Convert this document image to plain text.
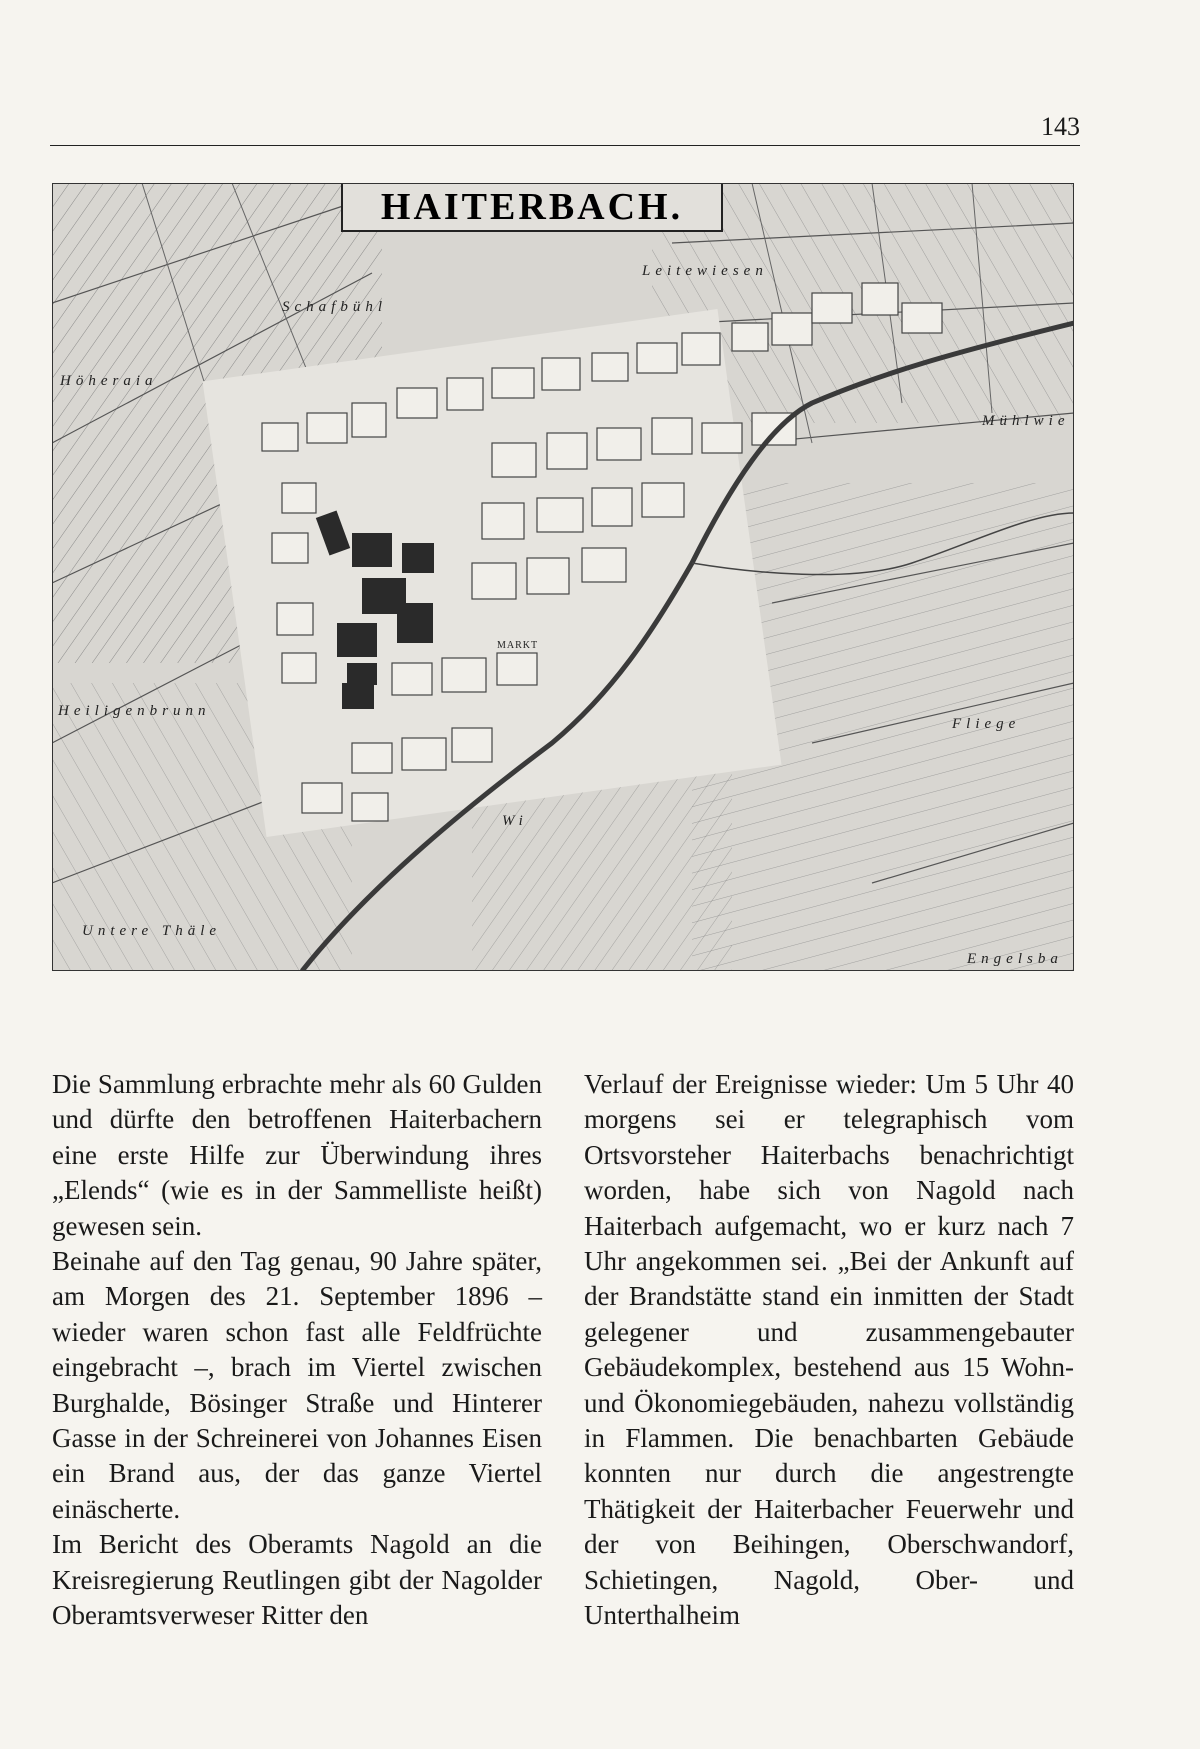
143
HAITERBACH.
Schafbühl
Leitewiesen
Höheraia
Mühlwie
Heiligenbrunn
Fliege
Untere Thäle
Engelsba
Wi
MARKT

Die Sammlung erbrachte mehr als 60 Gulden und dürfte den betroffenen Haiterbachern eine erste Hilfe zur Überwindung ihres „Elends“ (wie es in der Sammelliste heißt) gewesen sein.

Beinahe auf den Tag genau, 90 Jahre später, am Morgen des 21. September 1896 – wieder waren schon fast alle Feldfrüchte eingebracht –, brach im Viertel zwischen Burghalde, Bösinger Straße und Hinterer Gasse in der Schreinerei von Johannes Eisen ein Brand aus, der das ganze Viertel einäscherte.

Im Bericht des Oberamts Nagold an die Kreisregierung Reutlingen gibt der Nagolder Oberamtsverweser Ritter den

Verlauf der Ereignisse wieder: Um 5 Uhr 40 morgens sei er telegraphisch vom Ortsvorsteher Haiterbachs benachrichtigt worden, habe sich von Nagold nach Haiterbach aufgemacht, wo er kurz nach 7 Uhr angekommen sei. „Bei der Ankunft auf der Brandstätte stand ein inmitten der Stadt gelegener und zusammengebauter Gebäudekomplex, bestehend aus 15 Wohn- und Ökonomiegebäuden, nahezu vollständig in Flammen. Die benachbarten Gebäude konnten nur durch die angestrengte Thätigkeit der Haiterbacher Feuerwehr und der von Beihingen, Oberschwandorf, Schietingen, Nagold, Ober- und Unterthalheim
